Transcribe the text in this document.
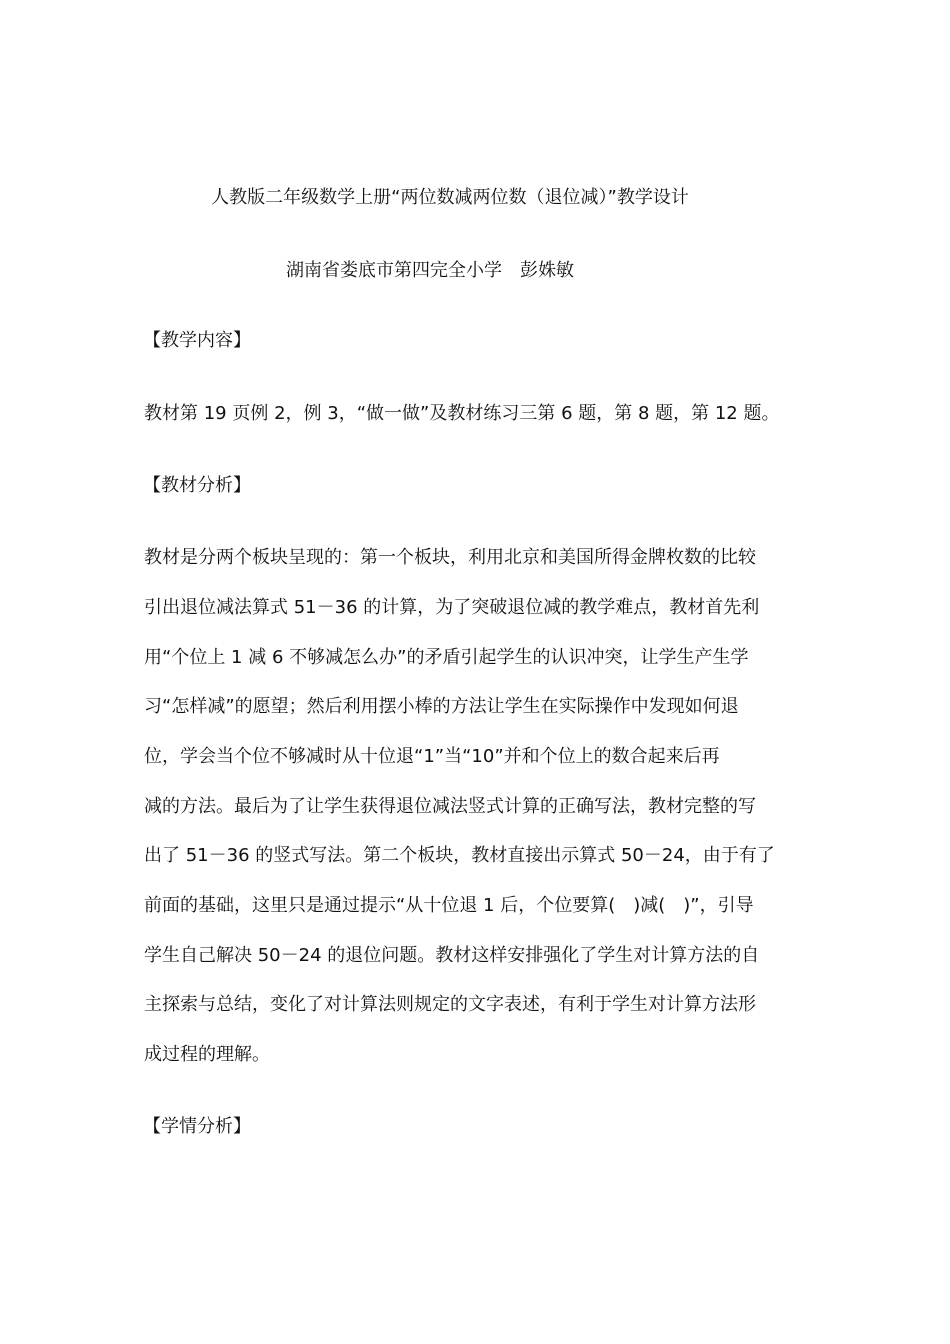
人教版二年级数学上册“两位数减两位数（退位减）”教学设计
湖南省娄底市第四完全小学　彭姝敏
【教学内容】
教材第 19 页例 2，例 3，“做一做”及教材练习三第 6 题，第 8 题，第 12 题。
【教材分析】
教材是分两个板块呈现的：第一个板块，利用北京和美国所得金牌枚数的比较
引出退位减法算式 51－36 的计算，为了突破退位减的教学难点，教材首先利
用“个位上 1 减 6 不够减怎么办”的矛盾引起学生的认识冲突，让学生产生学
习“怎样减”的愿望；然后利用摆小棒的方法让学生在实际操作中发现如何退
位，学会当个位不够减时从十位退“1”当“10”并和个位上的数合起来后再
减的方法。最后为了让学生获得退位减法竖式计算的正确写法，教材完整的写
出了 51－36 的竖式写法。第二个板块，教材直接出示算式 50－24，由于有了
前面的基础，这里只是通过提示“从十位退 1 后，个位要算(　)减(　)”，引导
学生自己解决 50－24 的退位问题。教材这样安排强化了学生对计算方法的自
主探索与总结，变化了对计算法则规定的文字表述，有利于学生对计算方法形
成过程的理解。
【学情分析】
